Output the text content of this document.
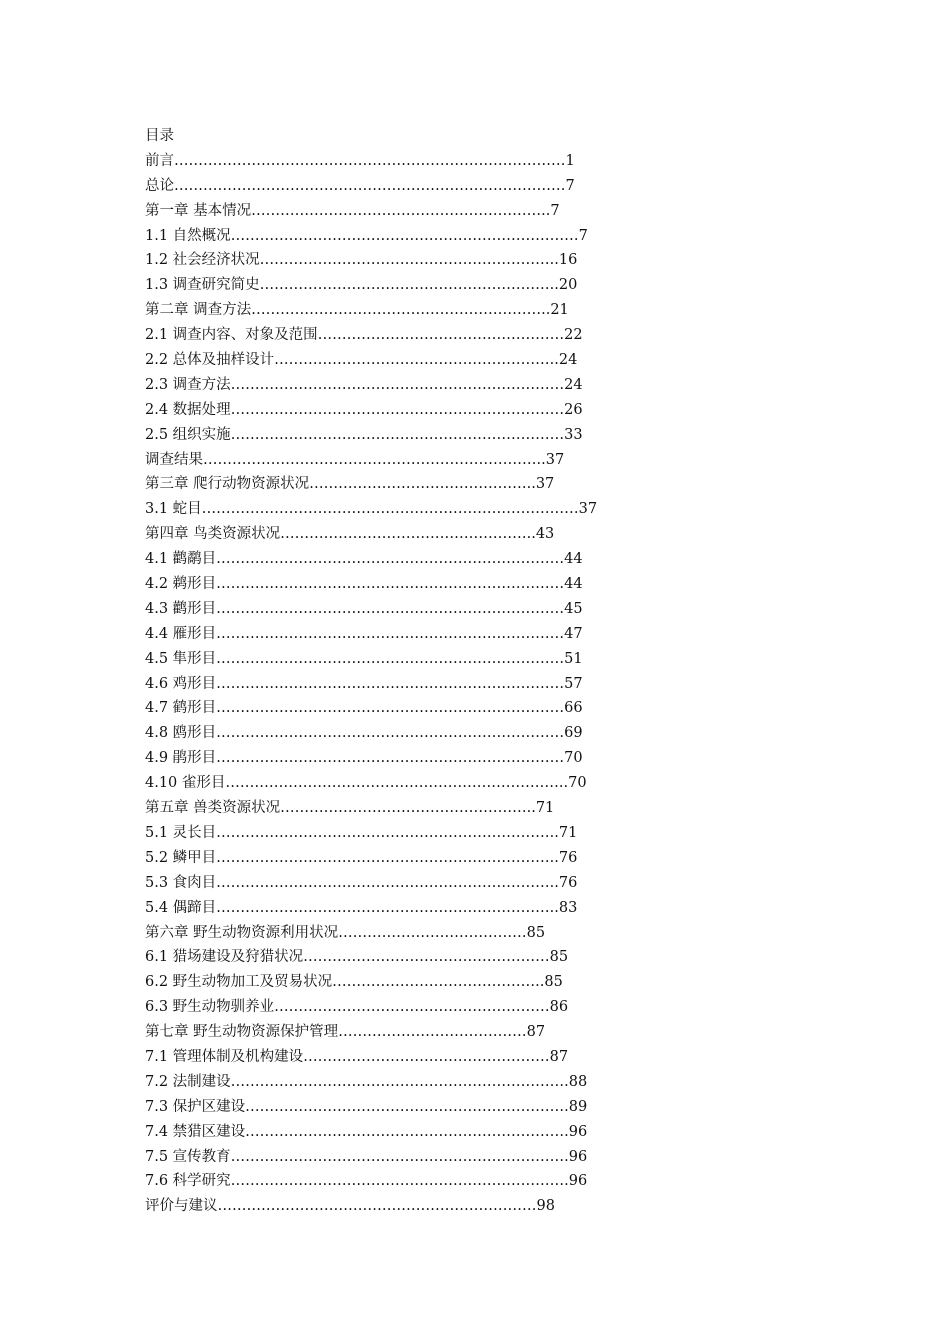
目录
前言………………………………………………………………………1
总论………………………………………………………………………7
第一章 基本情况……………………………………………………..7
1.1 自然概况………………………………………………………………7
1.2 社会经济状况……………………………………………………..16
1.3 调查研究简史……………………………………………………..20
第二章 调查方法……………………………………………………..21
2.1 调查内容、对象及范围……………………………………………22
2.2 总体及抽样设计…………………………………………………..24
2.3 调查方法……………………………………………………………24
2.4 数据处理……………………………………………………………26
2.5 组织实施……………………………………………………………33
调查结果……………………………………………………………..37
第三章 爬行动物资源状况………………………………………..37
3.1 蛇目……………………………………………………………………37
第四章 鸟类资源状况……………………………………………..43
4.1 鹳鹬目………………………………………………………………44
4.2 鹈形目………………………………………………………………44
4.3 鹳形目………………………………………………………………45
4.4 雁形目………………………………………………………………47
4.5 隼形目………………………………………………………………51
4.6 鸡形目………………………………………………………………57
4.7 鹤形目………………………………………………………………66
4.8 鸥形目………………………………………………………………69
4.9 鹃形目………………………………………………………………70
4.10 雀形目……………………………………………………………..70
第五章 兽类资源状况……………………………………………..71
5.1 灵长目……………………………………………………………..71
5.2 鳞甲目……………………………………………………………..76
5.3 食肉目……………………………………………………………..76
5.4 偶蹄目……………………………………………………………..83
第六章 野生动物资源利用状况…………………………………85
6.1 猎场建设及狩猎状况……………………………………………85
6.2 野生动物加工及贸易状况……………………………………..85
6.3 野生动物驯养业…………………………………………………86
第七章 野生动物资源保护管理…………………………………87
7.1 管理体制及机构建设……………………………………………87
7.2 法制建设…………………………………………………………….88
7.3 保护区建设………………………………………………………….89
7.4 禁猎区建设………………………………………………………….96
7.5 宣传教育…………………………………………………………….96
7.6 科学研究…………………………………………………………….96
评价与建议…………………………………………………………98
